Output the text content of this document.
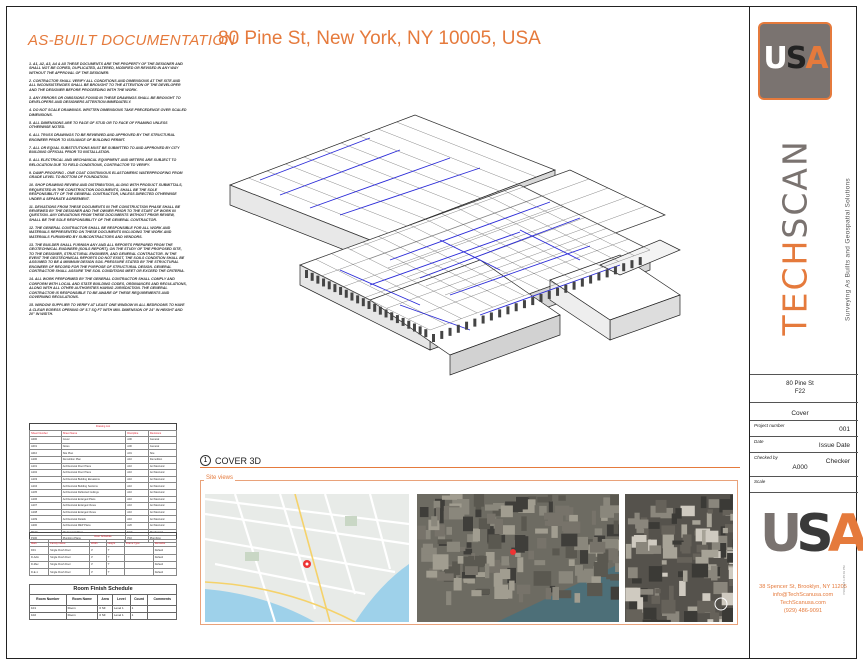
AS-BUILT DOCUMENTATION
80 Pine St, New York, NY 10005, USA
1. A1, A2, A3, A4 & A5 THESE DOCUMENTS ARE THE PROPERTY OF THE DESIGNER AND SHALL NOT BE COPIED, DUPLICATED, ALTERED, MODIFIED OR REVISED IN ANY WAY WITHOUT THE APPROVAL OF THE DESIGNER.
2. CONTRACTOR SHALL VERIFY ALL CONDITIONS AND DIMENSIONS AT THE SITE AND ALL INCONSISTENCIES SHALL BE BROUGHT TO THE ATTENTION OF THE DEVELOPER AND THE DESIGNER BEFORE PROCEEDING WITH THE WORK.
3. ANY ERRORS OR OMISSIONS FOUND IN THESE DRAWINGS SHALL BE BROUGHT TO DEVELOPERS AND DESIGNERS ATTENTION IMMEDIATELY.
4. DO NOT SCALE DRAWINGS. WRITTEN DIMENSIONS TAKE PRECEDENCE OVER SCALED DIMENSIONS.
5. ALL DIMENSIONS ARE TO FACE OF STUD OR TO FACE OF FRAMING UNLESS OTHERWISE NOTED.
6. ALL TRUSS DRAWINGS TO BE REVIEWED AND APPROVED BY THE STRUCTURAL ENGINEER PRIOR TO ISSUANCE OF BUILDING PERMIT.
7. ALL OR EQUAL SUBSTITUTIONS MUST BE SUBMITTED TO AND APPROVED BY CITY BUILDING OFFICIAL PRIOR TO INSTALLATION.
8. ALL ELECTRICAL AND MECHANICAL EQUIPMENT AND METERS ARE SUBJECT TO RELOCATION DUE TO FIELD CONDITIONS, CONTRACTOR TO VERIFY.
9. DAMP-PROOFING - ONE COAT CONTINUOUS ELASTOMERIC WATERPROOFING FROM GRADE LEVEL TO BOTTOM OF FOUNDATION.
10. SHOP DRAWING REVIEW AND DISTRIBUTION, ALONG WITH PRODUCT SUBMITTALS, REQUESTED IN THE CONSTRUCTION DOCUMENTS, SHALL BE THE SOLE RESPONSIBILITY OF THE GENERAL CONTRACTOR, UNLESS DIRECTED OTHERWISE UNDER A SEPARATE AGREEMENT.
11. DEVIATIONS FROM THESE DOCUMENTS IN THE CONSTRUCTION PHASE SHALL BE REVIEWED BY THE DESIGNER AND THE OWNER PRIOR TO THE START OF WORK IN QUESTION. ANY DEVIATIONS FROM THESE DOCUMENTS WITHOUT PRIOR REVIEW, SHALL BE THE SOLE RESPONSIBILITY OF THE GENERAL CONTRACTOR.
12. THE GENERAL CONTRACTOR SHALL BE RESPONSIBLE FOR ALL WORK AND MATERIALS REPRESENTED ON THESE DOCUMENTS INCLUDING THE WORK AND MATERIALS FURNISHED BY SUBCONTRACTORS AND VENDORS.
13. THE BUILDER SHALL FURNISH ANY AND ALL REPORTS PREPARED FROM THE GEOTECHNICAL ENGINEER (SOILS REPORT), ON THE STUDY OF THE PROPOSED SITE, TO THE DESIGNER, STRUCTURAL ENGINEER, AND GENERAL CONTRACTOR. IN THE EVENT THE GEOTECHNICAL REPORTS DO NOT EXIST, THE SOILS CONDITION SHALL BE ASSUMED TO BE A MINIMUM DESIGN SOIL PRESSURE STATED BY THE STRUCTURAL ENGINEER OF RECORD FOR THE PURPOSE OF STRUCTURAL DESIGN. GENERAL CONTRACTOR SHALL ASSURE THE SOIL CONDITIONS MEET OR EXCEED THE CRITERIA.
14. ALL WORK PERFORMED BY THE GENERAL CONTRACTOR SHALL COMPLY AND CONFORM WITH LOCAL AND STATE BUILDING CODES, ORDINANCES AND REGULATIONS, ALONG WITH ALL OTHER AUTHORITIES HAVING JURISDICTION. THE GENERAL CONTRACTOR IS RESPONSIBLE TO BE AWARE OF THESE REQUIREMENTS AND GOVERNING REGULATIONS.
15. WINDOW SUPPLIER TO VERIFY AT LEAST ONE WINDOW IN ALL BEDROOMS TO HAVE A CLEAR EGRESS OPENING OF 5.7 SQ FT WITH MIN. DIMENSION OF 24" IN HEIGHT AND 20" IN WIDTH.
Drawing List			
Sheet Number	Sheet Name	Discipline	Revisions
A000	Cover	A00	General
A001	Notes	A00	General
A010	Site Plan	A01	Site
A100	Demolition Plan	A10	Demolition
A101	Architectural Floor Plans	A10	Architectural
A102	Architectural Floor Plans	A10	Architectural
A103	Architectural Building Elevations	A10	Architectural
A104	Architectural Building Sections	A10	Architectural
A105	Architectural Reflected Ceilings	A10	Architectural
A106	Architectural Enlarged Plans	A10	Architectural
A107	Architectural Enlarged Views	A10	Architectural
A108	Architectural Enlarged Views	A10	Architectural
A109	Architectural Details	A10	Architectural
A200	Architectural MEP Plans	A20	Architectural
M100	Mechanical Plans	M10	Mechanical
P100	Plumbing Plans	P10	Plumbing
Door Schedule					
Mark	Family Name	Width	Height	Frame Type	Remarks
D01	Single Flush Door	3'	7'		Default
D-Adm	Single Flush Door	3'	7'		Default
D-Mec	Single Flush Door	3'	7'		Default
D-E-1	Single Flush Door	3'	7'		Default
Room Finish Schedule					
Room Number	Room Name	Area	Level	Count	Comments
101	Room	0 SF	Level 1	1	
102	Room	0 SF	Level 1	1	
1 COVER 3D
Site views
USA
TECHSCAN	Surveying As Builts and Geospatial Solutions
80 Pine St
F22
Cover
Project number
001
Date
Issue Date
Checked by
Checker
A000
Scale
USA
38 Spencer St, Brooklyn, NY 11205
info@TechScanusa.com
TechScanusa.com
(929) 486-9091
7/10/2024 1:45:01 PM
